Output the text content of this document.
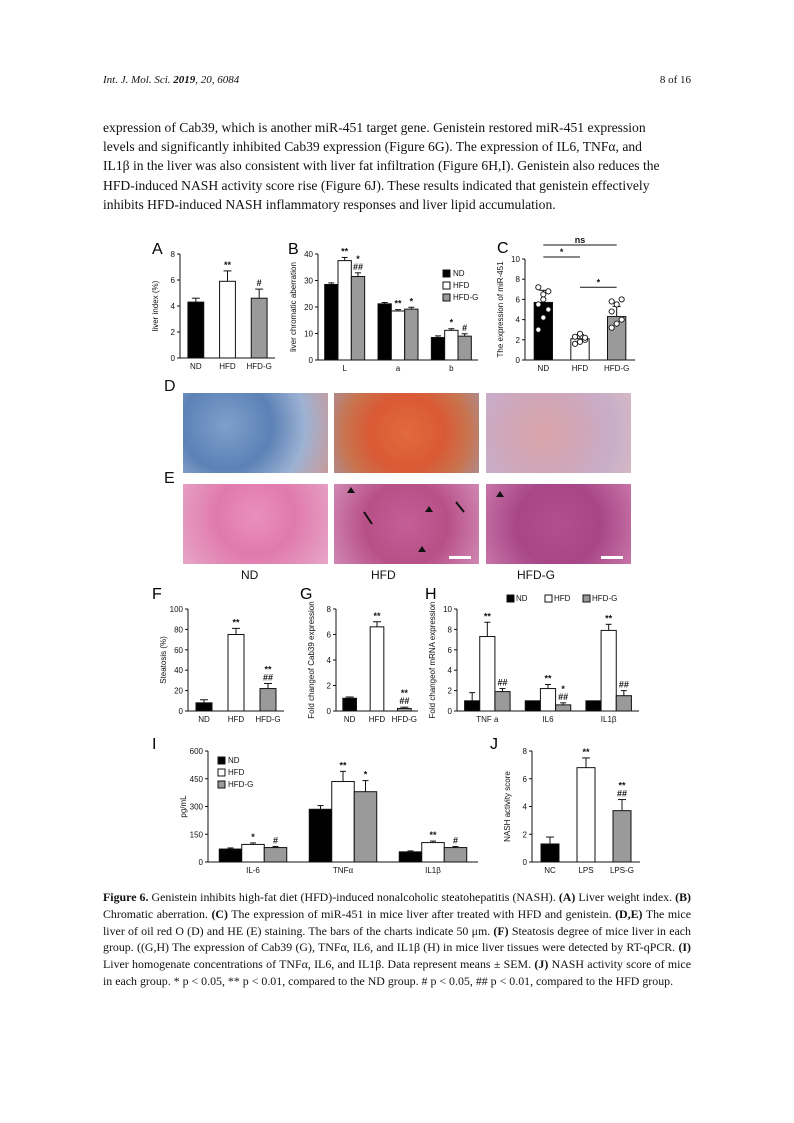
Int. J. Mol. Sci. 2019, 20, 6084	8 of 16
expression of Cab39, which is another miR-451 target gene. Genistein restored miR-451 expression
levels and significantly inhibited Cab39 expression (Figure 6G). The expression of IL6, TNFα, and
IL1β in the liver was also consistent with liver fat infiltration (Figure 6H,I). Genistein also reduces the
HFD-induced NASH activity score rise (Figure 6J). These results indicated that genistein effectively
inhibits HFD-induced NASH inflammatory responses and liver lipid accumulation.
A
0
2
4
6
8
liver index (%)
ND HFD
**
HFD-G
#
B
0
10
20
30
40
liver chromatic aberration
**
*
##
L
** *
a
*
#
b
ND
HFD
HFD-G
C
0
2
4
6
8
10
The expression of miR-451
ND	HFD HFD-G
*
*
ns
D
E
ND	HFD	HFD-G
F
0
20
40
60
80
100
Steatosis (%)
ND HFD
**
HFD-G
**
##
G
0
2
4
6
8
Fold changeof Cab39 expression
ND HFD
**
HFD-G
**
##
H
0
2
4
6
8
10
Fold changeof mRNA expression	**
##
TNF a
**
*
##
IL6
**
##
IL1β
ND	HFD	HFD-G
I
0
150
300
450
600
pg/mL
* #
IL-6
**
*
TNFα
**
#
IL1β
ND
HFD
HFD-G
J
0
2
4
6
8
NASH activity score
NC	LPS
**
LPS-G
**
##
Figure 6. Genistein inhibits high-fat diet (HFD)-induced nonalcoholic steatohepatitis (NASH). (A) Liver weight index. (B) Chromatic aberration. (C) The expression of miR-451 in mice liver after treated with HFD and genistein. (D,E) The mice liver of oil red O (D) and HE (E) staining. The bars of the charts indicate 50 μm. (F) Steatosis degree of mice liver in each group. ((G,H) The expression of Cab39 (G), TNFα, IL6, and IL1β (H) in mice liver tissues were detected by RT-qPCR. (I) Liver homogenate concentrations of TNFα, IL6, and IL1β. Data represent means ± SEM. (J) NASH activity score of mice in each group. * p < 0.05, ** p < 0.01, compared to the ND group. # p < 0.05, ## p < 0.01, compared to the HFD group.
